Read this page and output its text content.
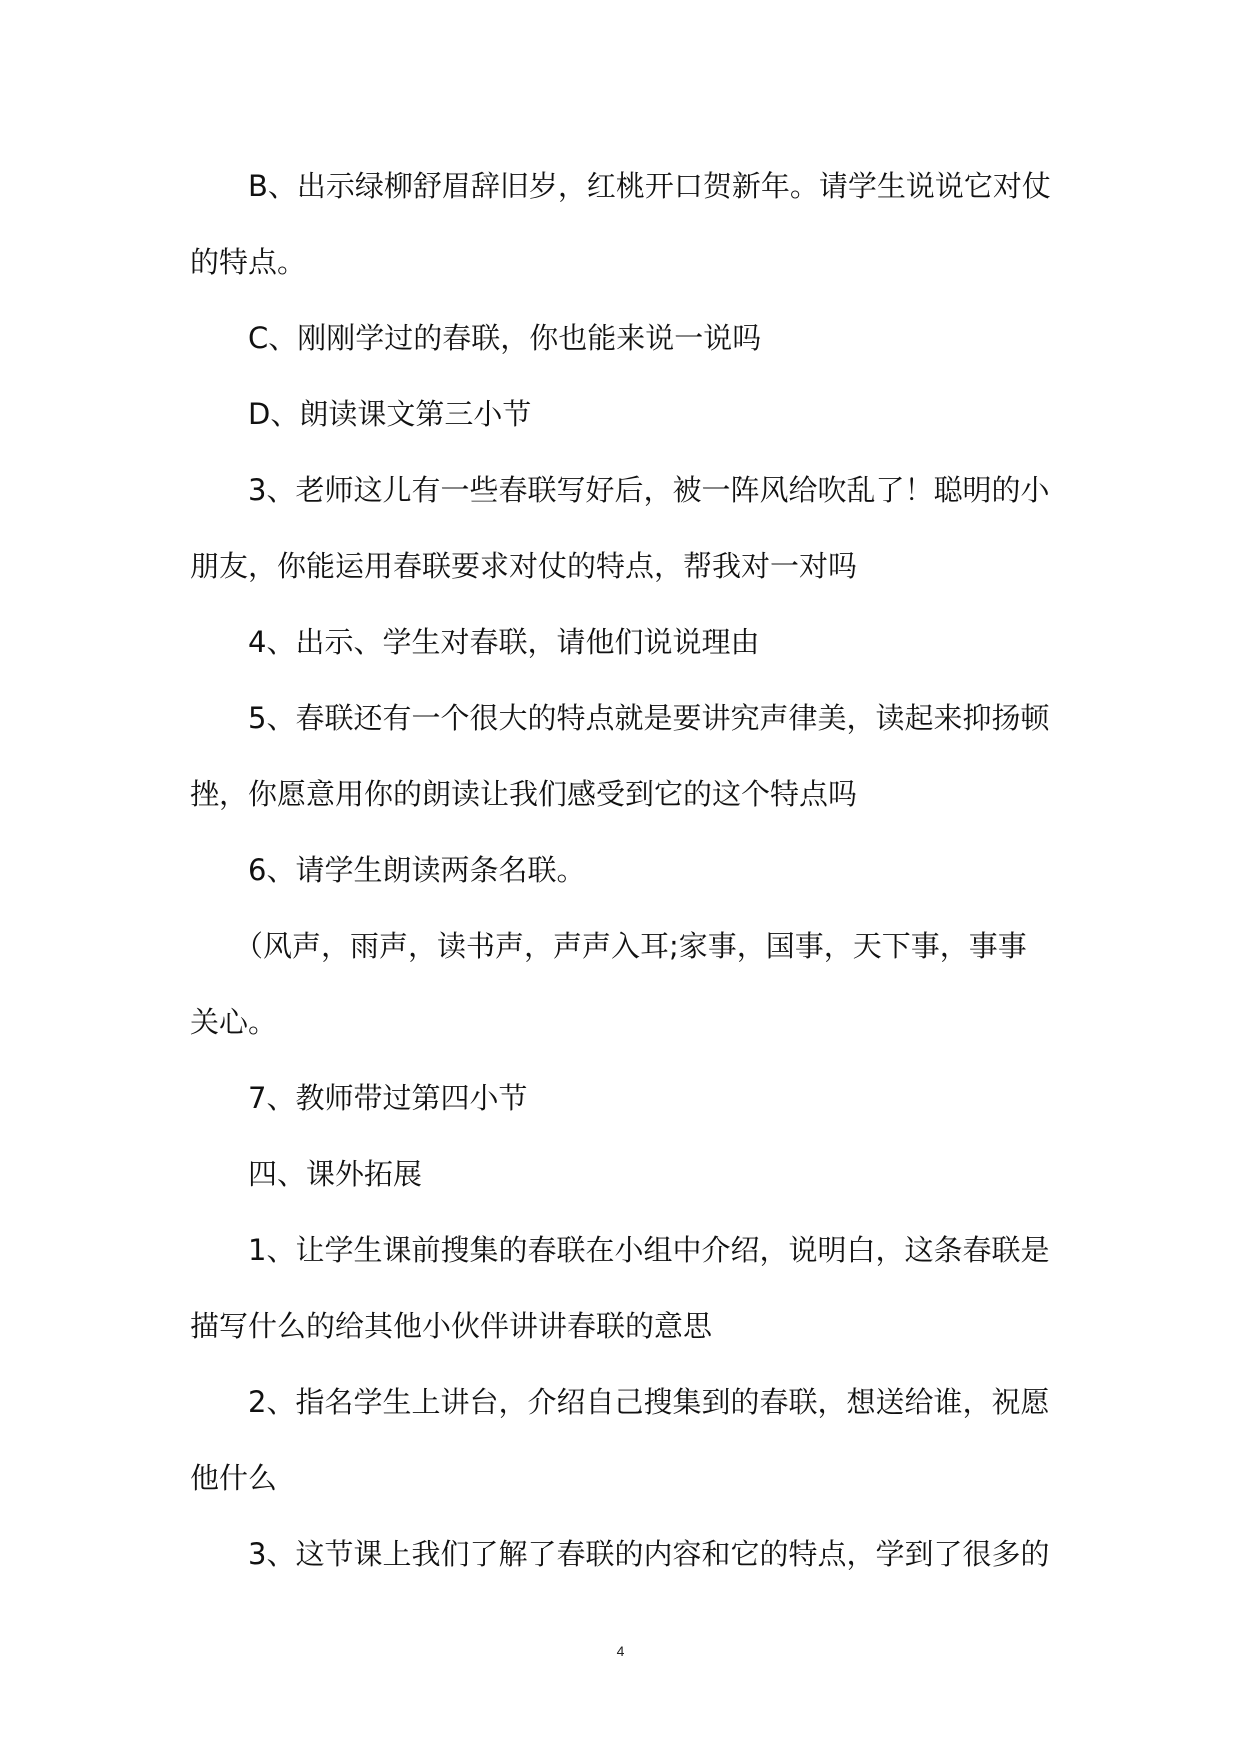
B、出示绿柳舒眉辞旧岁，红桃开口贺新年。请学生说说它对仗

的特点。

C、刚刚学过的春联，你也能来说一说吗

D、朗读课文第三小节

3、老师这儿有一些春联写好后，被一阵风给吹乱了！聪明的小

朋友，你能运用春联要求对仗的特点，帮我对一对吗

4、出示、学生对春联，请他们说说理由

5、春联还有一个很大的特点就是要讲究声律美，读起来抑扬顿

挫，你愿意用你的朗读让我们感受到它的这个特点吗

6、请学生朗读两条名联。

（风声，雨声，读书声，声声入耳;家事，国事，天下事，事事

关心。

7、教师带过第四小节

四、课外拓展

1、让学生课前搜集的春联在小组中介绍，说明白，这条春联是

描写什么的给其他小伙伴讲讲春联的意思

2、指名学生上讲台，介绍自己搜集到的春联，想送给谁，祝愿

他什么

3、这节课上我们了解了春联的内容和它的特点，学到了很多的

4
